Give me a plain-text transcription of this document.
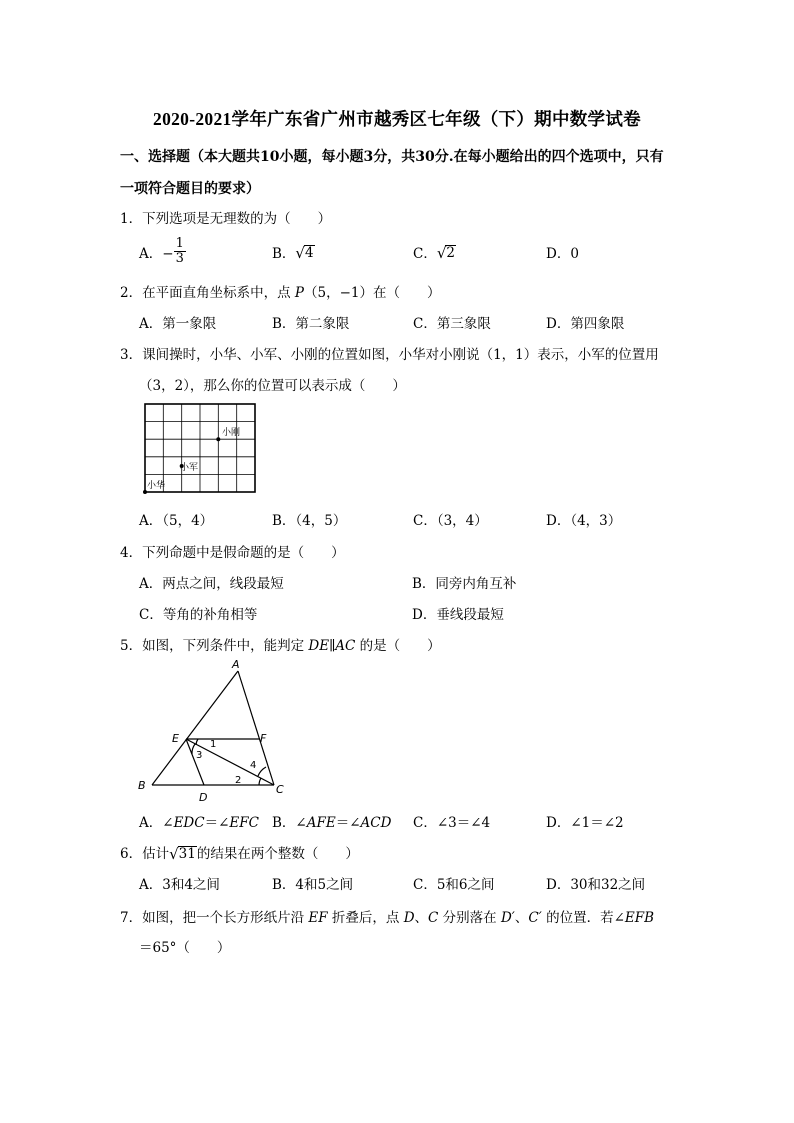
2020-2021学年广东省广州市越秀区七年级（下）期中数学试卷
一、选择题（本大题共10小题，每小题3分，共30分.在每小题给出的四个选项中，只有
一项符合题目的要求）
1．下列选项是无理数的为（　　）
A．− $\frac{1}{3}$	B． √ 4	C． √ 2	D．0
2．在平面直角坐标系中，点 P（5，−1）在（　　）
A．第一象限	B．第二象限	C．第三象限	D．第四象限
3．课间操时，小华、小军、小刚的位置如图，小华对小刚说（1，1）表示，小军的位置用
（3，2），那么你的位置可以表示成（　　）
小刚
小军
小华
A．（5，4）	B．（4，5）	C．（3，4）	D．（4，3）
4．下列命题中是假命题的是（　　）
A．两点之间，线段最短	B．同旁内角互补
C．等角的补角相等	D．垂线段最短
5．如图，下列条件中，能判定 DE∥AC 的是（　　）
A
E	F
B
D
C
1
2
3
4
A．∠EDC＝∠EFC B．∠AFE＝∠ACD C．∠3＝∠4	D．∠1＝∠2
6．估计 √ 31 的结果在两个整数（　　）
A．3和4之间	B．4和5之间	C．5和6之间	D．30和32之间
7．如图，把一个长方形纸片沿 EF 折叠后，点 D、C 分别落在 D′、C′ 的位置．若∠EFB
＝65°（　　）
